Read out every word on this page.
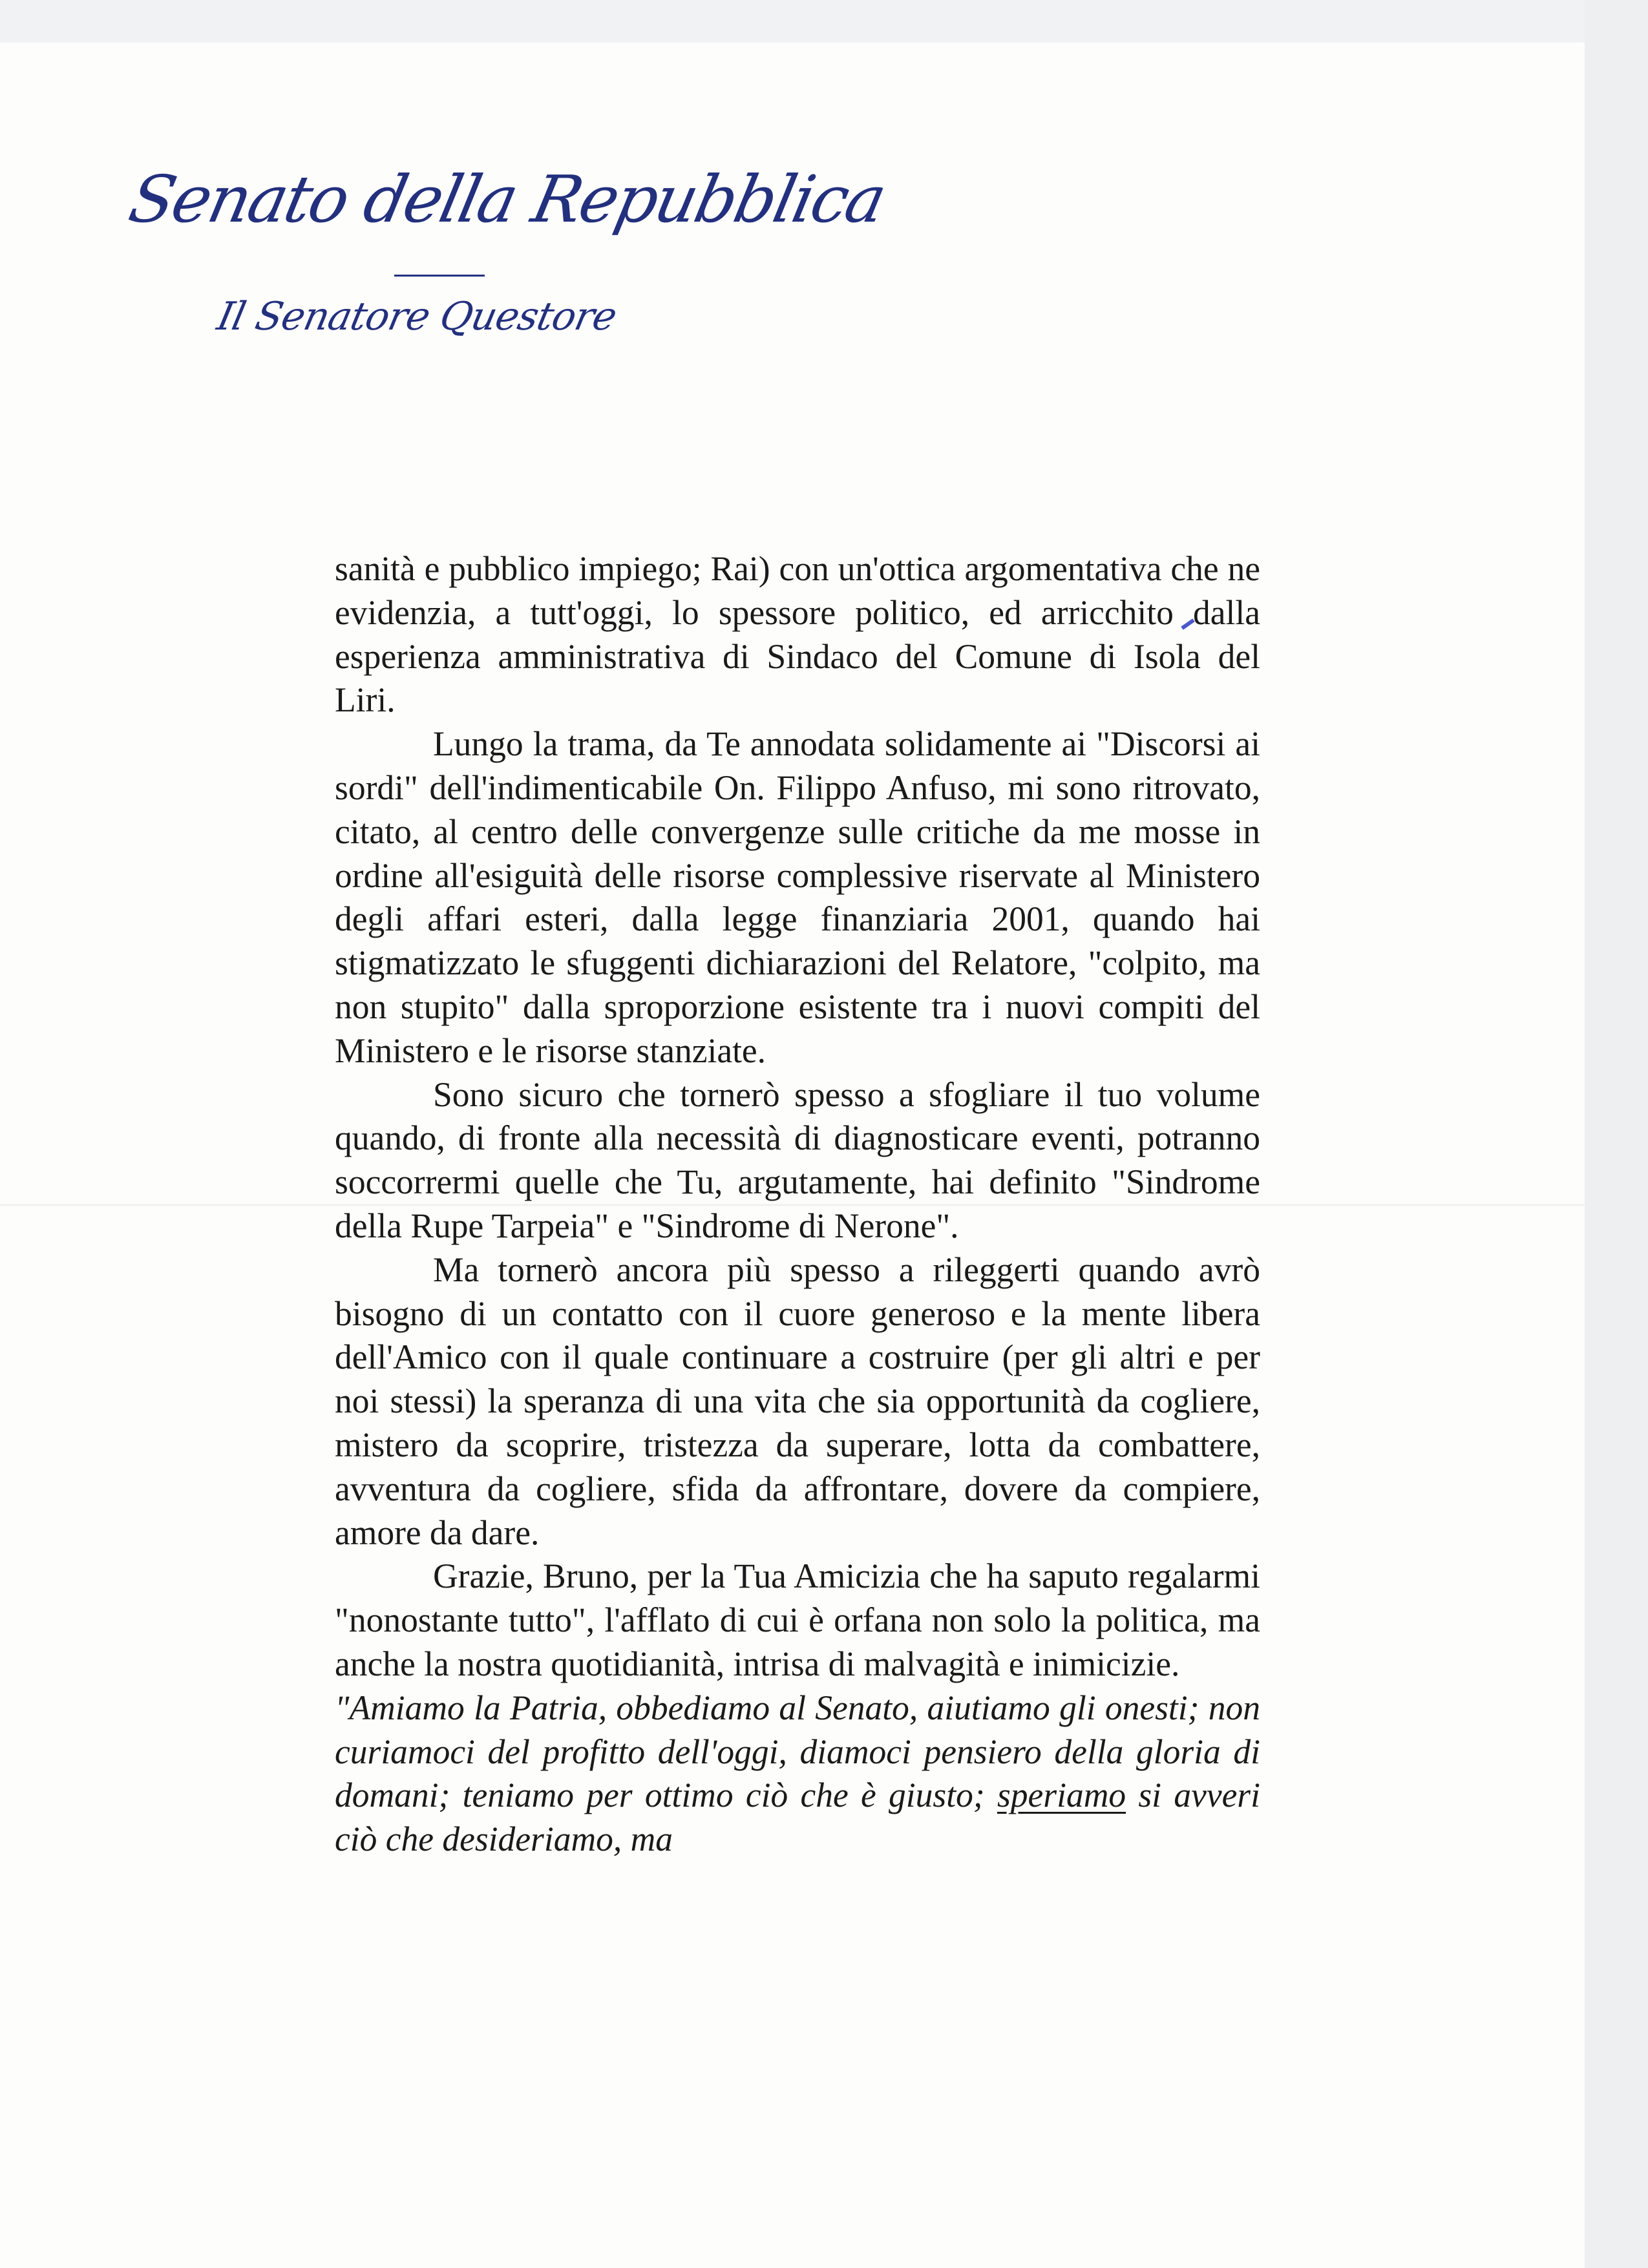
Senato della Repubblica
Il Senatore Questore

sanità e pubblico impiego; Rai) con un'ottica argomentativa che ne evidenzia, a tutt'oggi, lo spessore politico, ed arricchito dalla esperienza amministrativa di Sindaco del Comune di Isola del Liri.

Lungo la trama, da Te annodata solidamente ai "Discorsi ai sordi" dell'indimenticabile On. Filippo Anfuso, mi sono ritrovato, citato, al centro delle convergenze sulle critiche da me mosse in ordine all'esiguità delle risorse complessive riservate al Ministero degli affari esteri, dalla legge finanziaria 2001, quando hai stigmatizzato le sfuggenti dichiarazioni del Relatore, "colpito, ma non stupito" dalla sproporzione esistente tra i nuovi compiti del Ministero e le risorse stanziate.

Sono sicuro che tornerò spesso a sfogliare il tuo volume quando, di fronte alla necessità di diagnosticare eventi, potranno soccorrermi quelle che Tu, argutamente, hai definito "Sindrome della Rupe Tarpeia" e "Sindrome di Nerone".

Ma tornerò ancora più spesso a rileggerti quando avrò bisogno di un contatto con il cuore generoso e la mente libera dell'Amico con il quale continuare a costruire (per gli altri e per noi stessi) la speranza di una vita che sia opportunità da cogliere, mistero da scoprire, tristezza da superare, lotta da combattere, avventura da cogliere, sfida da affrontare, dovere da compiere, amore da dare.

Grazie, Bruno, per la Tua Amicizia che ha saputo regalarmi "nonostante tutto", l'afflato di cui è orfana non solo la politica, ma anche la nostra quotidianità, intrisa di malvagità e inimicizie.

"Amiamo la Patria, obbediamo al Senato, aiutiamo gli onesti; non curiamoci del profitto dell'oggi, diamoci pensiero della gloria di domani; teniamo per ottimo ciò che è giusto; speriamo si avveri ciò che desideriamo, ma
